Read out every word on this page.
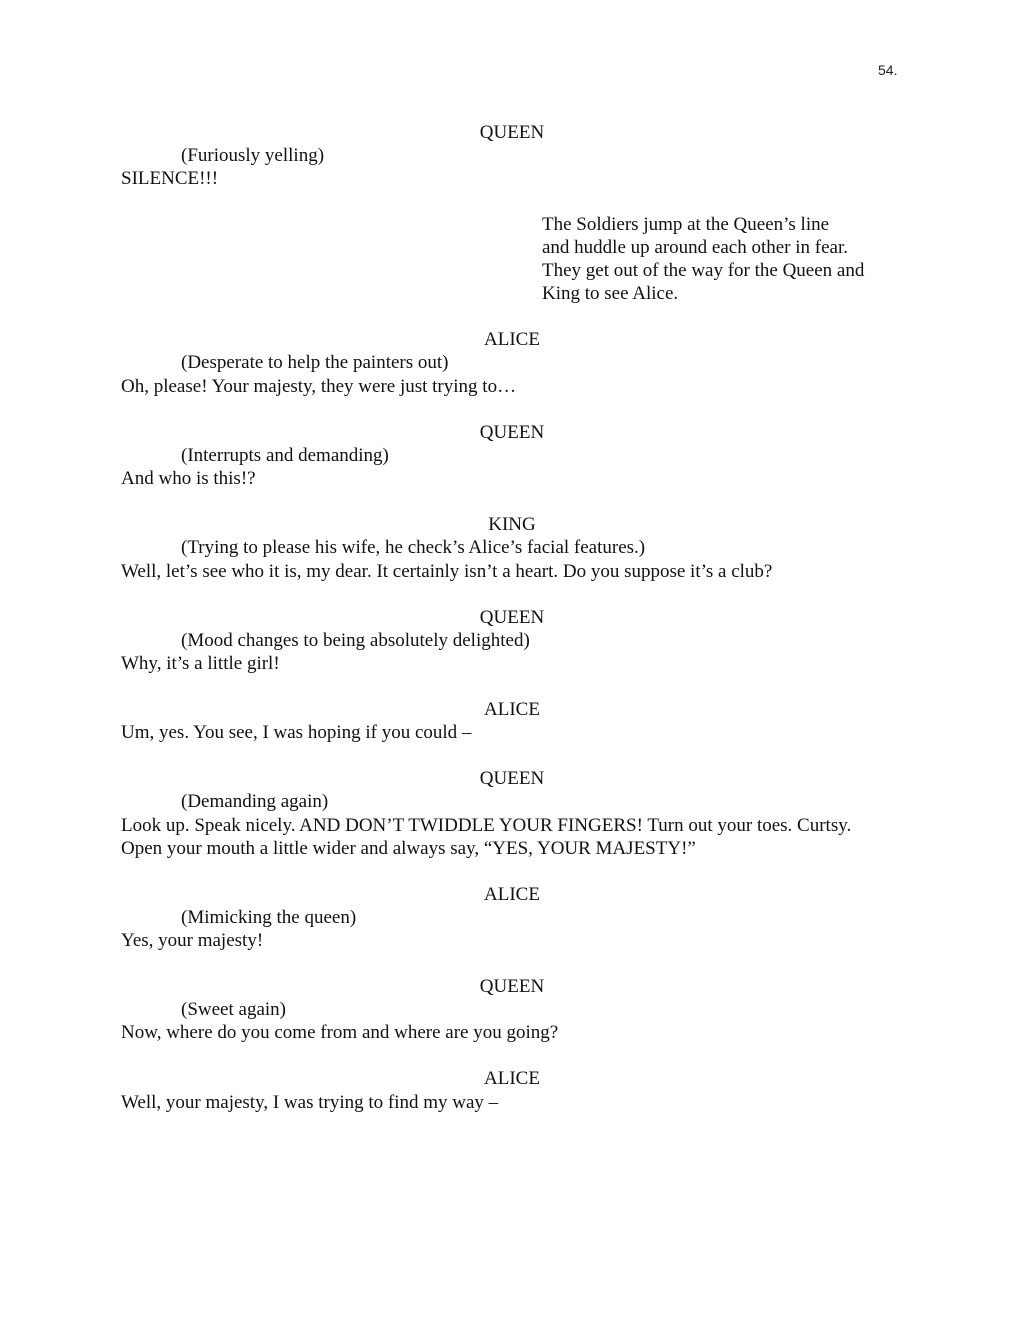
54.
QUEEN
(Furiously yelling)
SILENCE!!!
The Soldiers jump at the Queen’s line
and huddle up around each other in fear.
They get out of the way for the Queen and
King to see Alice.
ALICE
(Desperate to help the painters out)
Oh, please! Your majesty, they were just trying to…
QUEEN
(Interrupts and demanding)
And who is this!?
KING
(Trying to please his wife, he check’s Alice’s facial features.)
Well, let’s see who it is, my dear. It certainly isn’t a heart. Do you suppose it’s a club?
QUEEN
(Mood changes to being absolutely delighted)
Why, it’s a little girl!
ALICE
Um, yes. You see, I was hoping if you could –
QUEEN
(Demanding again)
Look up. Speak nicely. AND DON’T TWIDDLE YOUR FINGERS! Turn out your toes. Curtsy.
Open your mouth a little wider and always say, “YES, YOUR MAJESTY!”
ALICE
(Mimicking the queen)
Yes, your majesty!
QUEEN
(Sweet again)
Now, where do you come from and where are you going?
ALICE
Well, your majesty, I was trying to find my way –
